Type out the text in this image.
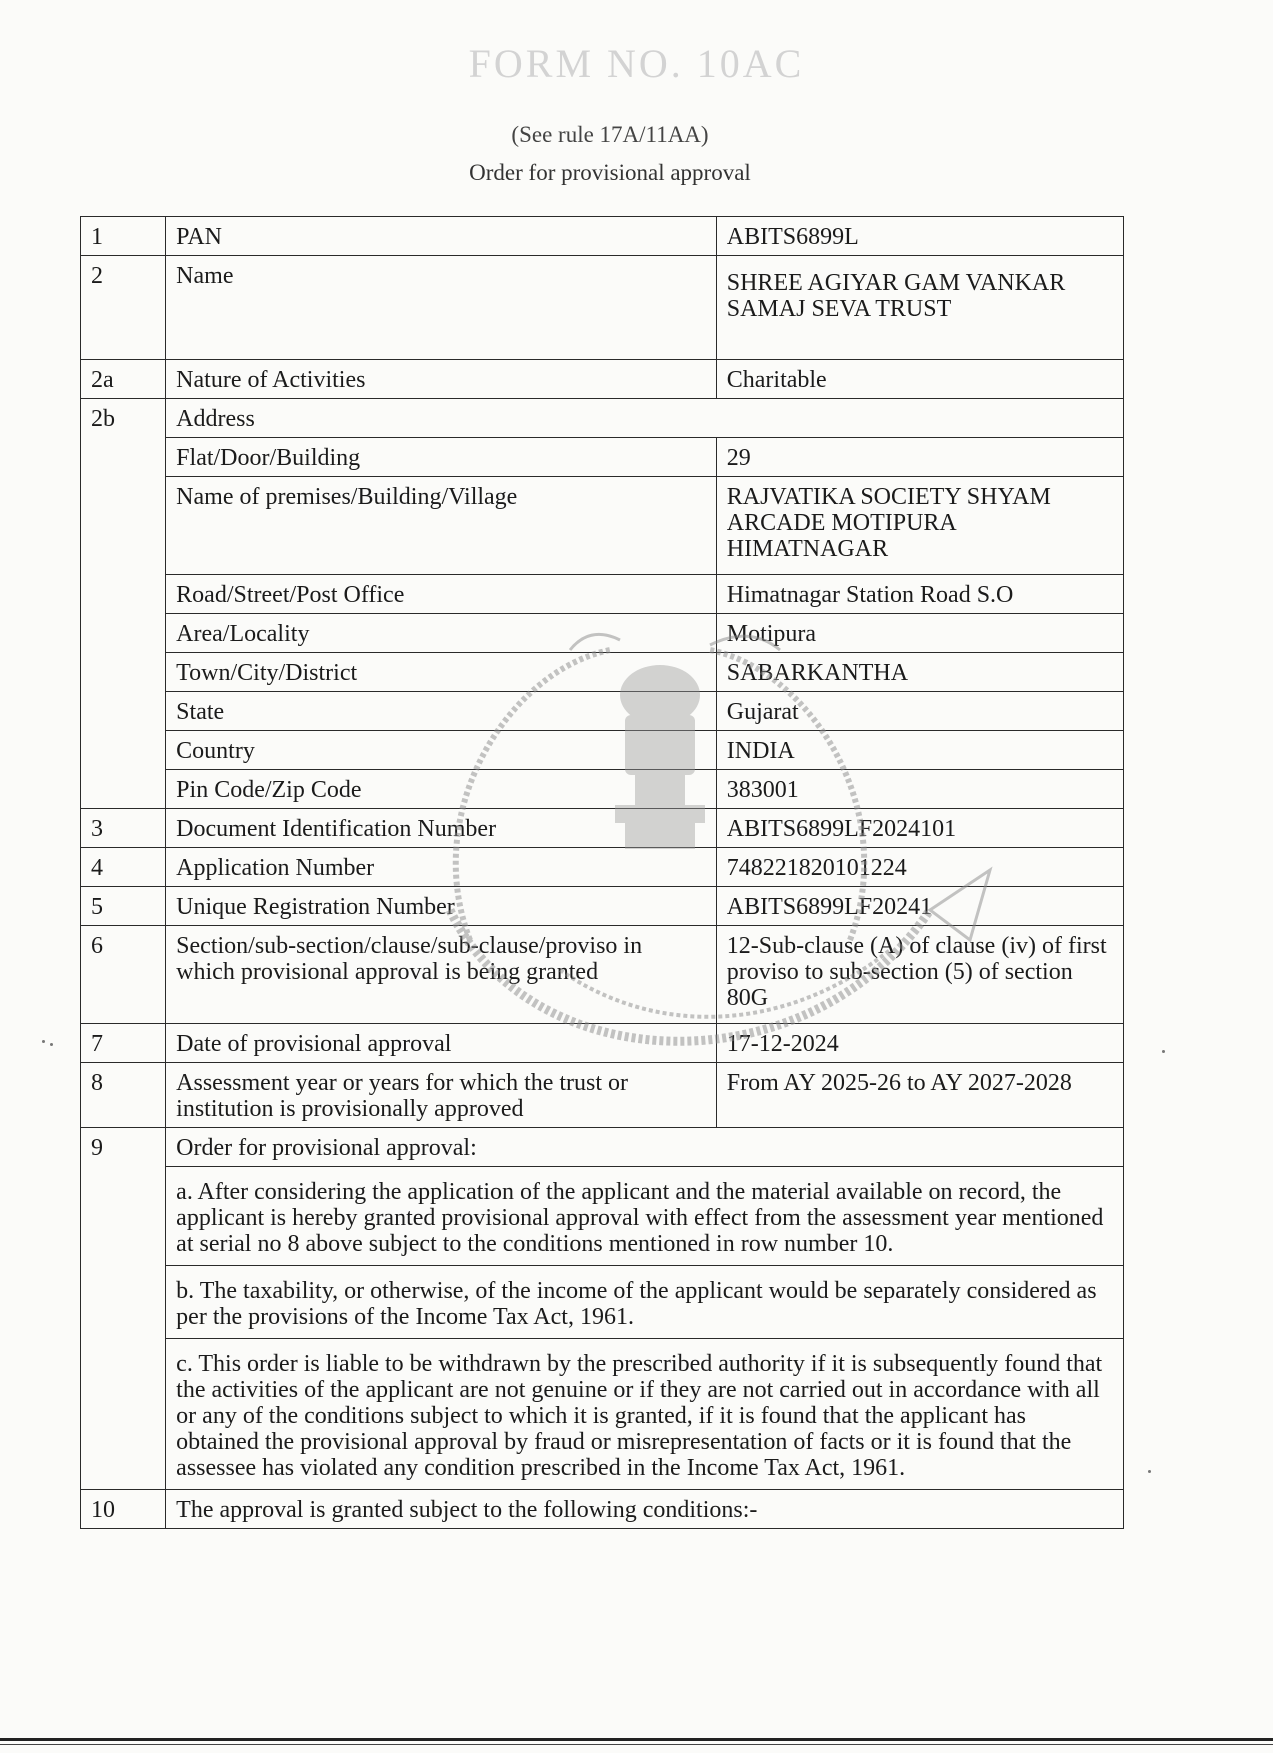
FORM NO. 10AC
(See rule 17A/11AA)
Order for provisional approval
1	PAN	ABITS6899L
2	Name	SHREE AGIYAR GAM VANKAR SAMAJ SEVA TRUST
2a	Nature of Activities	Charitable
2b	Address	
	Flat/Door/Building	29
	Name of premises/Building/Village	RAJVATIKA SOCIETY SHYAM ARCADE MOTIPURA HIMATNAGAR
	Road/Street/Post Office	Himatnagar Station Road S.O
	Area/Locality	Motipura
	Town/City/District	SABARKANTHA
	State	Gujarat
	Country	INDIA
	Pin Code/Zip Code	383001
3	Document Identification Number	ABITS6899LF2024101
4	Application Number	748221820101224
5	Unique Registration Number	ABITS6899LF20241
6	Section/sub-section/clause/sub-clause/proviso in which provisional approval is being granted	12-Sub-clause (A) of clause (iv) of first proviso to sub-section (5) of section 80G
7	Date of provisional approval	17-12-2024
8	Assessment year or years for which the trust or institution is provisionally approved	From AY 2025-26 to AY 2027-2028
9	Order for provisional approval:	
	a. After considering the application of the applicant and the material available on record, the applicant is hereby granted provisional approval with effect from the assessment year mentioned at serial no 8 above subject to the conditions mentioned in row number 10.	
	b. The taxability, or otherwise, of the income of the applicant would be separately considered as per the provisions of the Income Tax Act, 1961.	
	c. This order is liable to be withdrawn by the prescribed authority if it is subsequently found that the activities of the applicant are not genuine or if they are not carried out in accordance with all or any of the conditions subject to which it is granted, if it is found that the applicant has obtained the provisional approval by fraud or misrepresentation of facts or it is found that the assessee has violated any condition prescribed in the Income Tax Act, 1961.	
10	The approval is granted subject to the following conditions:-	
